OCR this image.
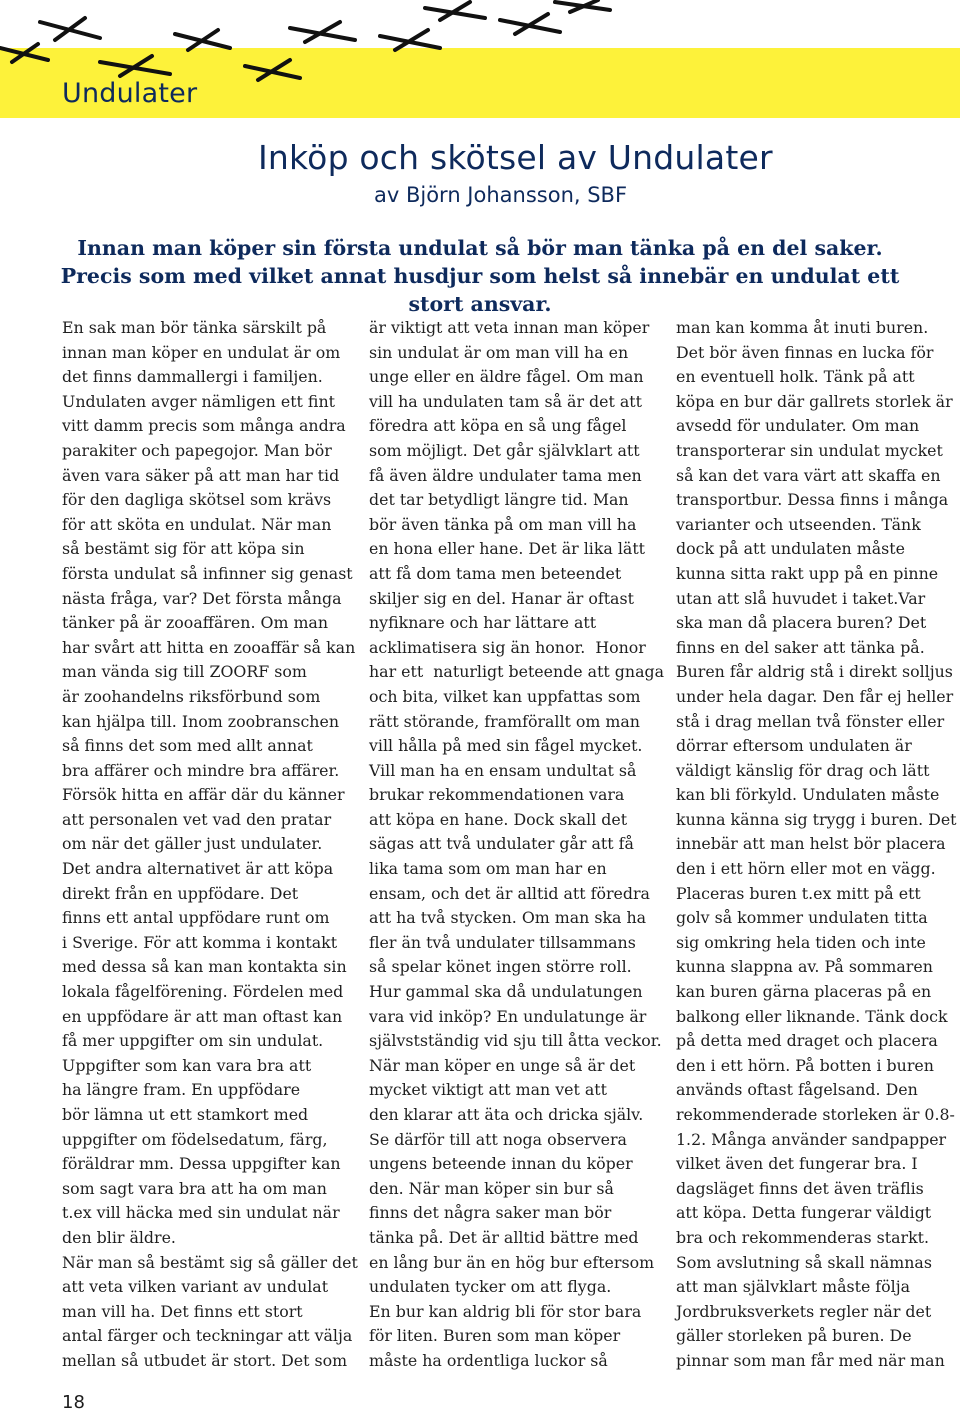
Undulater
Inköp och skötsel av Undulater
av Björn Johansson, SBF

Innan man köper sin första undulat så bör man tänka på en del saker. Precis som med vilket annat husdjur som helst så innebär en undulat ett stort ansvar.

En sak man bör tänka särskilt på
innan man köper en undulat är om
det finns dammallergi i familjen.
Undulaten avger nämligen ett fint
vitt damm precis som många andra
parakiter och papegojor. Man bör
även vara säker på att man har tid
för den dagliga skötsel som krävs
för att sköta en undulat. När man
så bestämt sig för att köpa sin
första undulat så infinner sig genast
nästa fråga, var? Det första många
tänker på är zooaffären. Om man
har svårt att hitta en zooaffär så kan
man vända sig till ZOORF som
är zoohandelns riksförbund som
kan hjälpa till. Inom zoobranschen
så finns det som med allt annat
bra affärer och mindre bra affärer.
Försök hitta en affär där du känner
att personalen vet vad den pratar
om när det gäller just undulater.
Det andra alternativet är att köpa
direkt från en uppfödare. Det
finns ett antal uppfödare runt om
i Sverige. För att komma i kontakt
med dessa så kan man kontakta sin
lokala fågelförening. Fördelen med
en uppfödare är att man oftast kan
få mer uppgifter om sin undulat.
Uppgifter som kan vara bra att
ha längre fram. En uppfödare
bör lämna ut ett stamkort med
uppgifter om födelsedatum, färg,
föräldrar mm. Dessa uppgifter kan
som sagt vara bra att ha om man
t.ex vill häcka med sin undulat när
den blir äldre.
När man så bestämt sig så gäller det
att veta vilken variant av undulat
man vill ha. Det finns ett stort
antal färger och teckningar att välja
mellan så utbudet är stort. Det som
är viktigt att veta innan man köper
sin undulat är om man vill ha en
unge eller en äldre fågel. Om man
vill ha undulaten tam så är det att
föredra att köpa en så ung fågel
som möjligt. Det går självklart att
få även äldre undulater tama men
det tar betydligt längre tid. Man
bör även tänka på om man vill ha
en hona eller hane. Det är lika lätt
att få dom tama men beteendet
skiljer sig en del. Hanar är oftast
nyfiknare och har lättare att
acklimatisera sig än honor.  Honor
har ett  naturligt beteende att gnaga
och bita, vilket kan uppfattas som
rätt störande, framförallt om man
vill hålla på med sin fågel mycket.
Vill man ha en ensam undultat så
brukar rekommendationen vara
att köpa en hane. Dock skall det
sägas att två undulater går att få
lika tama som om man har en
ensam, och det är alltid att föredra
att ha två stycken. Om man ska ha
fler än två undulater tillsammans
så spelar könet ingen större roll.
Hur gammal ska då undulatungen
vara vid inköp? En undulatunge är
självstständig vid sju till åtta veckor.
När man köper en unge så är det
mycket viktigt att man vet att
den klarar att äta och dricka själv.
Se därför till att noga observera
ungens beteende innan du köper
den. När man köper sin bur så
finns det några saker man bör
tänka på. Det är alltid bättre med
en lång bur än en hög bur eftersom
undulaten tycker om att flyga.
En bur kan aldrig bli för stor bara
för liten. Buren som man köper
måste ha ordentliga luckor så
man kan komma åt inuti buren.
Det bör även finnas en lucka för
en eventuell holk. Tänk på att
köpa en bur där gallrets storlek är
avsedd för undulater. Om man
transporterar sin undulat mycket
så kan det vara värt att skaffa en
transportbur. Dessa finns i många
varianter och utseenden. Tänk
dock på att undulaten måste
kunna sitta rakt upp på en pinne
utan att slå huvudet i taket.Var
ska man då placera buren? Det
finns en del saker att tänka på.
Buren får aldrig stå i direkt solljus
under hela dagar. Den får ej heller
stå i drag mellan två fönster eller
dörrar eftersom undulaten är
väldigt känslig för drag och lätt
kan bli förkyld. Undulaten måste
kunna känna sig trygg i buren. Det
innebär att man helst bör placera
den i ett hörn eller mot en vägg.
Placeras buren t.ex mitt på ett
golv så kommer undulaten titta
sig omkring hela tiden och inte
kunna slappna av. På sommaren
kan buren gärna placeras på en
balkong eller liknande. Tänk dock
på detta med draget och placera
den i ett hörn. På botten i buren
används oftast fågelsand. Den
rekommenderade storleken är 0.8-
1.2. Många använder sandpapper
vilket även det fungerar bra. I
dagsläget finns det även träflis
att köpa. Detta fungerar väldigt
bra och rekommenderas starkt.
Som avslutning så skall nämnas
att man självklart måste följa
Jordbruksverkets regler när det
gäller storleken på buren. De
pinnar som man får med när man
18
